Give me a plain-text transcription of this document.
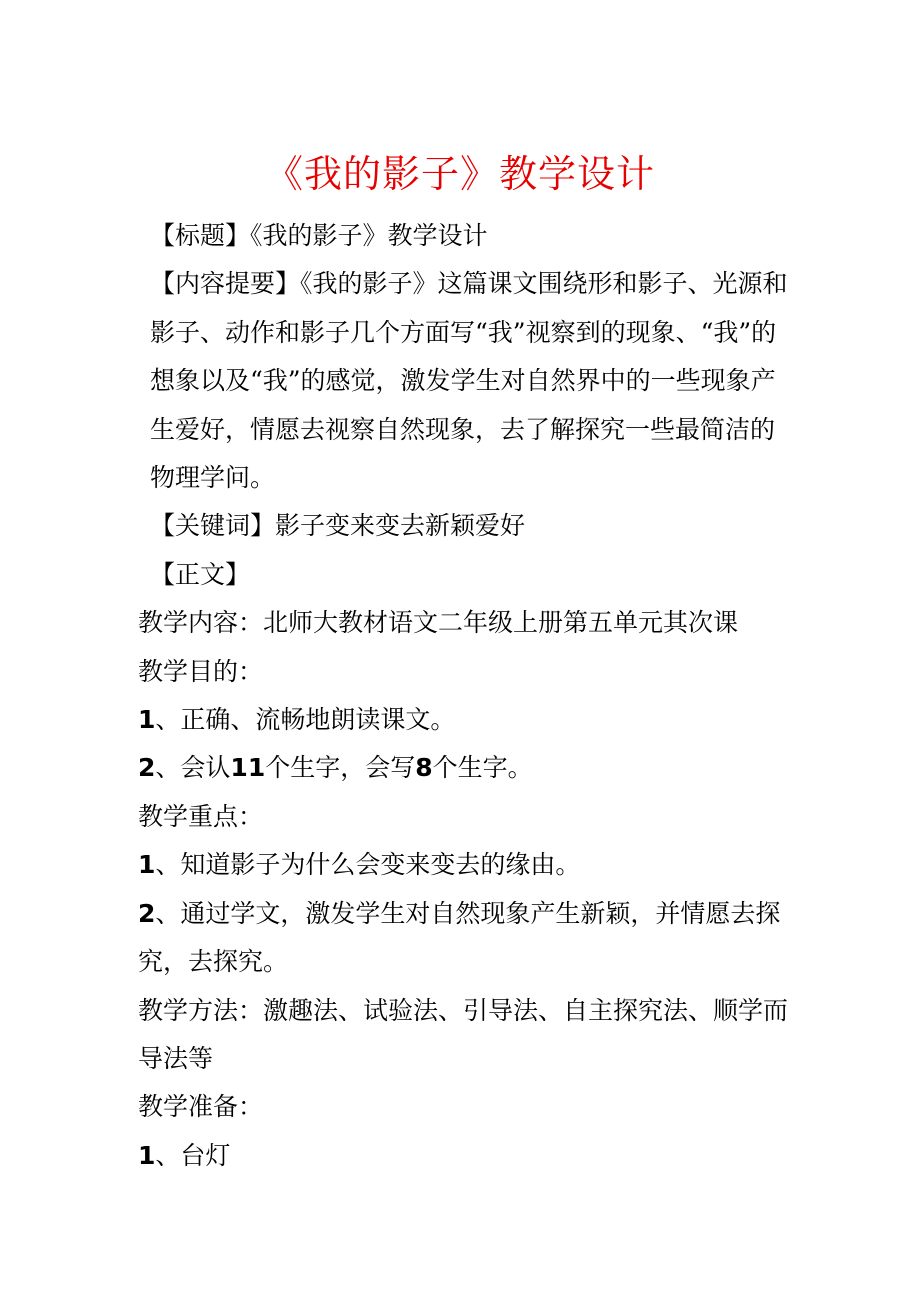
《我的影子》教学设计

【标题】《我的影子》教学设计

【内容提要】《我的影子》这篇课文围绕形和影子、光源和影子、动作和影子几个方面写“我”视察到的现象、“我”的想象以及“我”的感觉，激发学生对自然界中的一些现象产生爱好，情愿去视察自然现象，去了解探究一些最简洁的物理学问。

【关键词】影子变来变去新颖爱好

【正文】

教学内容：北师大教材语文二年级上册第五单元其次课

教学目的：

1、正确、流畅地朗读课文。

2、会认11个生字，会写8个生字。

教学重点：

1、知道影子为什么会变来变去的缘由。

2、通过学文，激发学生对自然现象产生新颖，并情愿去探究，去探究。

教学方法：激趣法、试验法、引导法、自主探究法、顺学而导法等

教学准备：

1、台灯
